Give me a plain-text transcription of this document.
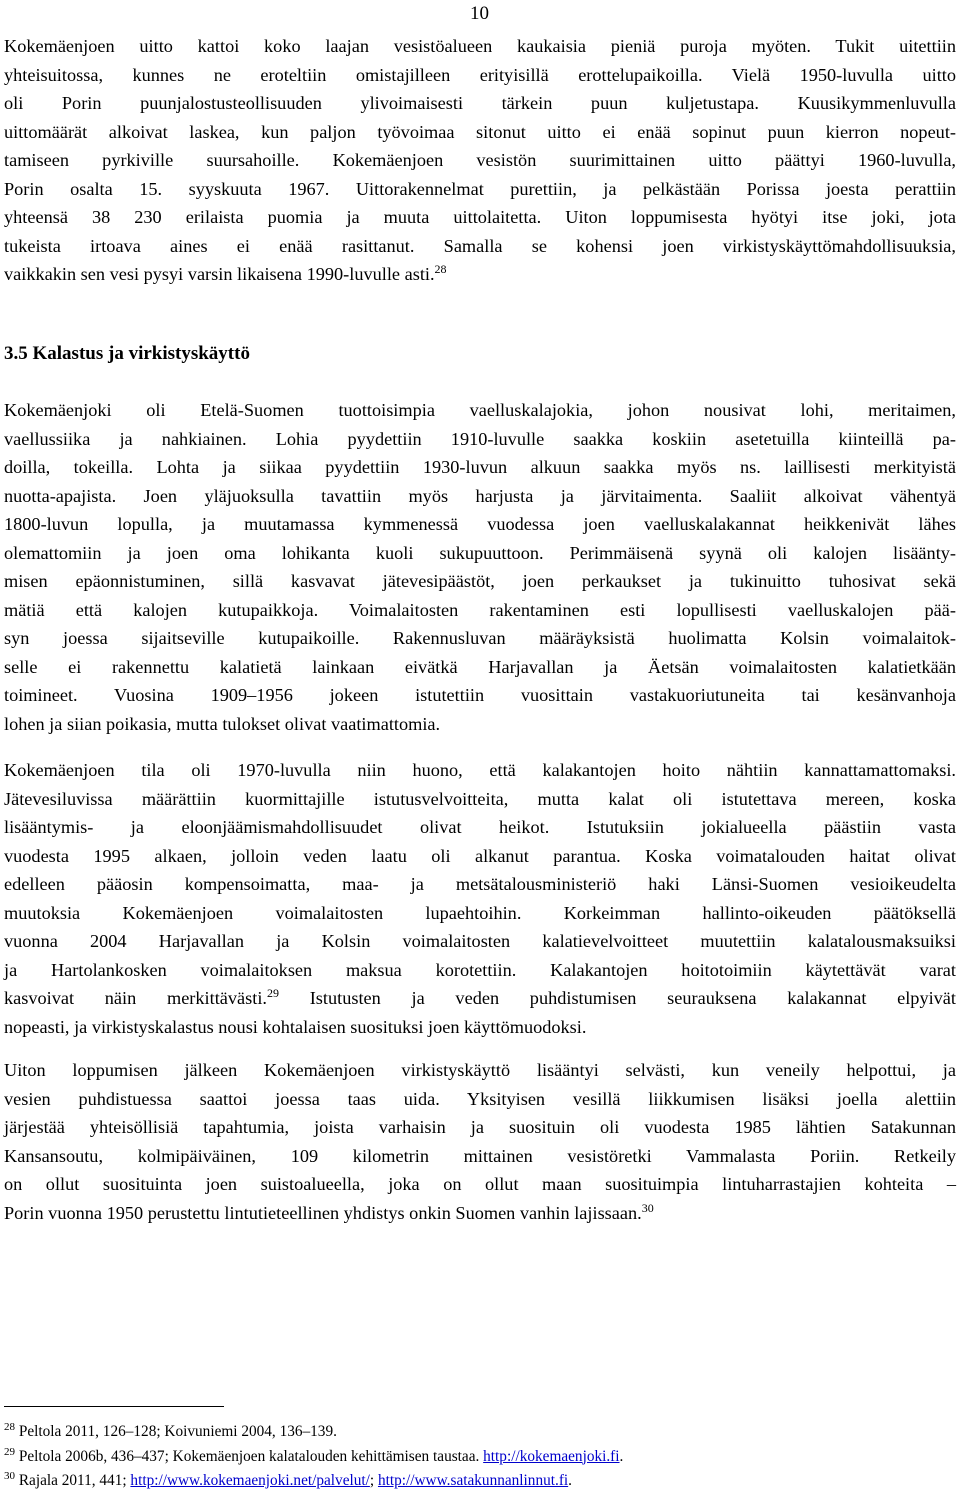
10
Kokemäenjoen uitto kattoi koko laajan vesistöalueen kaukaisia pieniä puroja myöten. Tukit uitettiin
yhteisuitossa, kunnes ne eroteltiin omistajilleen erityisillä erottelupaikoilla. Vielä 1950-luvulla uitto
oli Porin puunjalostusteollisuuden ylivoimaisesti tärkein puun kuljetustapa. Kuusikymmenluvulla
uittomäärät alkoivat laskea, kun paljon työvoimaa sitonut uitto ei enää sopinut puun kierron nopeut-
tamiseen pyrkiville suursahoille. Kokemäenjoen vesistön suurimittainen uitto päättyi 1960-luvulla,
Porin osalta 15. syyskuuta 1967. Uittorakennelmat purettiin, ja pelkästään Porissa joesta perattiin
yhteensä 38 230 erilaista puomia ja muuta uittolaitetta. Uiton loppumisesta hyötyi itse joki, jota
tukeista irtoava aines ei enää rasittanut. Samalla se kohensi joen virkistyskäyttömahdollisuuksia,
vaikkakin sen vesi pysyi varsin likaisena 1990-luvulle asti.$^{28}$
3.5 Kalastus ja virkistyskäyttö
Kokemäenjoki oli Etelä-Suomen tuottoisimpia vaelluskalajokia, johon nousivat lohi, meritaimen,
vaellussiika ja nahkiainen. Lohia pyydettiin 1910-luvulle saakka koskiin asetetuilla kiinteillä pa-
doilla, tokeilla. Lohta ja siikaa pyydettiin 1930-luvun alkuun saakka myös ns. laillisesti merkityistä
nuotta-apajista. Joen yläjuoksulla tavattiin myös harjusta ja järvitaimenta. Saaliit alkoivat vähentyä
1800-luvun lopulla, ja muutamassa kymmenessä vuodessa joen vaelluskalakannat heikkenivät lähes
olemattomiin ja joen oma lohikanta kuoli sukupuuttoon. Perimmäisenä syynä oli kalojen lisäänty-
misen epäonnistuminen, sillä kasvavat jätevesipäästöt, joen perkaukset ja tukinuitto tuhosivat sekä
mätiä että kalojen kutupaikkoja. Voimalaitosten rakentaminen esti lopullisesti vaelluskalojen pää-
syn joessa sijaitseville kutupaikoille. Rakennusluvan määräyksistä huolimatta Kolsin voimalaitok-
selle ei rakennettu kalatietä lainkaan eivätkä Harjavallan ja Äetsän voimalaitosten kalatietkään
toimineet. Vuosina 1909–1956 jokeen istutettiin vuosittain vastakuoriutuneita tai kesänvanhoja
lohen ja siian poikasia, mutta tulokset olivat vaatimattomia.
Kokemäenjoen tila oli 1970-luvulla niin huono, että kalakantojen hoito nähtiin kannattamattomaksi.
Jätevesiluvissa määrättiin kuormittajille istutusvelvoitteita, mutta kalat oli istutettava mereen, koska
lisääntymis- ja eloonjäämismahdollisuudet olivat heikot. Istutuksiin jokialueella päästiin vasta
vuodesta 1995 alkaen, jolloin veden laatu oli alkanut parantua. Koska voimatalouden haitat olivat
edelleen pääosin kompensoimatta, maa- ja metsätalousministeriö haki Länsi-Suomen vesioikeudelta
muutoksia Kokemäenjoen voimalaitosten lupaehtoihin. Korkeimman hallinto-oikeuden päätöksellä
vuonna 2004 Harjavallan ja Kolsin voimalaitosten kalatievelvoitteet muutettiin kalatalousmaksuiksi
ja Hartolankosken voimalaitoksen maksua korotettiin. Kalakantojen hoitotoimiin käytettävät varat
kasvoivat näin merkittävästi.$^{29}$ Istutusten ja veden puhdistumisen seurauksena kalakannat elpyivät
nopeasti, ja virkistyskalastus nousi kohtalaisen suosituksi joen käyttömuodoksi.
Uiton loppumisen jälkeen Kokemäenjoen virkistyskäyttö lisääntyi selvästi, kun veneily helpottui, ja
vesien puhdistuessa saattoi joessa taas uida. Yksityisen vesillä liikkumisen lisäksi joella alettiin
järjestää yhteisöllisiä tapahtumia, joista varhaisin ja suosituin oli vuodesta 1985 lähtien Satakunnan
Kansansoutu, kolmipäiväinen, 109 kilometrin mittainen vesistöretki Vammalasta Poriin. Retkeily
on ollut suosituinta joen suistoalueella, joka on ollut maan suosituimpia lintuharrastajien kohteita –
Porin vuonna 1950 perustettu lintutieteellinen yhdistys onkin Suomen vanhin lajissaan.$^{30}$
$^{28}$ Peltola 2011, 126–128; Koivuniemi 2004, 136–139.
$^{29}$ Peltola 2006b, 436–437; Kokemäenjoen kalatalouden kehittämisen taustaa. http://kokemaenjoki.fi.
$^{30}$ Rajala 2011, 441; http://www.kokemaenjoki.net/palvelut/; http://www.satakunnanlinnut.fi.
